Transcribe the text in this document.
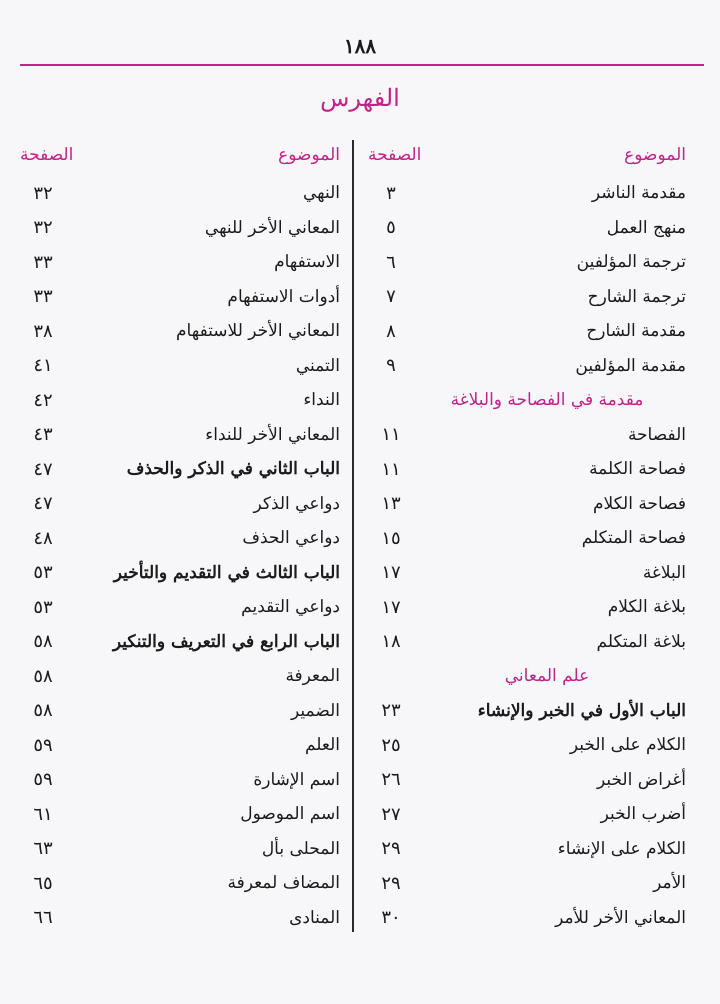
١٨٨
الفهرس
الموضوع
الصفحة
مقدمة الناشر
٣
منهج العمل
٥
ترجمة المؤلفين
٦
ترجمة الشارح
٧
مقدمة الشارح
٨
مقدمة المؤلفين
٩
مقدمة في الفصاحة والبلاغة
الفصاحة
١١
فصاحة الكلمة
١١
فصاحة الكلام
١٣
فصاحة المتكلم
١٥
البلاغة
١٧
بلاغة الكلام
١٧
بلاغة المتكلم
١٨
علم المعاني
الباب الأول في الخبر والإنشاء
٢٣
الكلام على الخبر
٢٥
أغراض الخبر
٢٦
أضرب الخبر
٢٧
الكلام على الإنشاء
٢٩
الأمر
٢٩
المعاني الأخر للأمر
٣٠
الموضوع
الصفحة
النهي
٣٢
المعاني الأخر للنهي
٣٢
الاستفهام
٣٣
أدوات الاستفهام
٣٣
المعاني الأخر للاستفهام
٣٨
التمني
٤١
النداء
٤٢
المعاني الأخر للنداء
٤٣
الباب الثاني في الذكر والحذف
٤٧
دواعي الذكر
٤٧
دواعي الحذف
٤٨
الباب الثالث في التقديم والتأخير
٥٣
دواعي التقديم
٥٣
الباب الرابع في التعريف والتنكير
٥٨
المعرفة
٥٨
الضمير
٥٨
العلم
٥٩
اسم الإشارة
٥٩
اسم الموصول
٦١
المحلى بأل
٦٣
المضاف لمعرفة
٦٥
المنادى
٦٦
